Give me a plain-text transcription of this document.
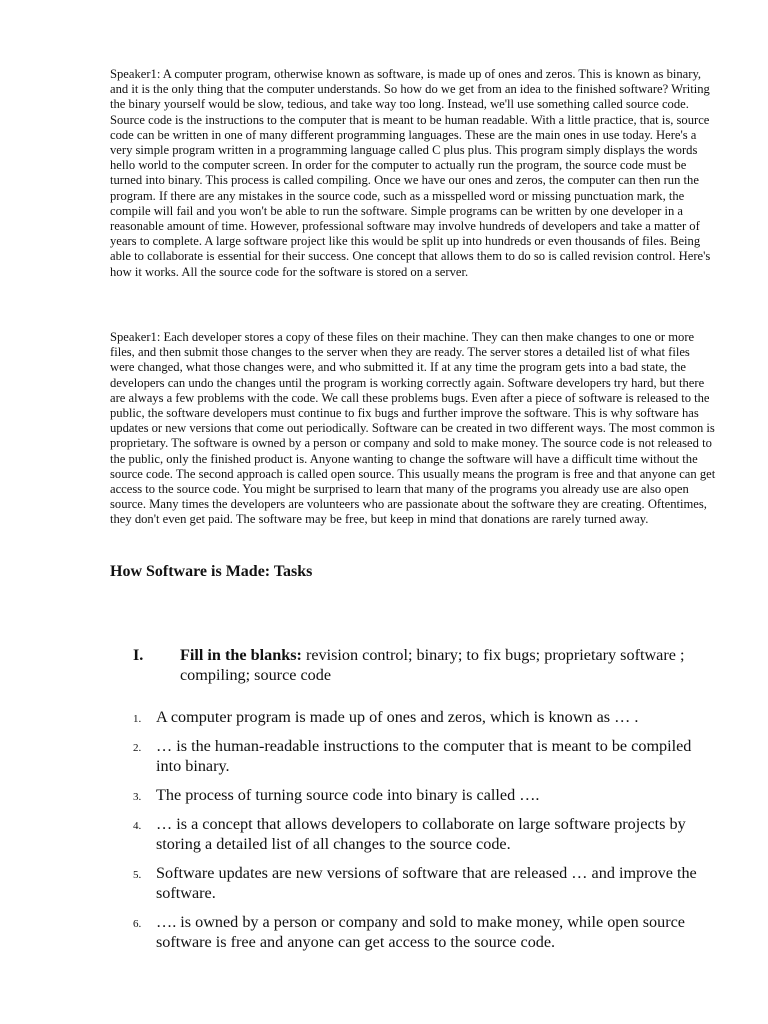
Speaker1: A computer program, otherwise known as software, is made up of ones and zeros. This is known as binary, and it is the only thing that the computer understands. So how do we get from an idea to the finished software? Writing the binary yourself would be slow, tedious, and take way too long. Instead, we'll use something called source code. Source code is the instructions to the computer that is meant to be human readable. With a little practice, that is, source code can be written in one of many different programming languages. These are the main ones in use today. Here's a very simple program written in a programming language called C plus plus. This program simply displays the words hello world to the computer screen. In order for the computer to actually run the program, the source code must be turned into binary. This process is called compiling. Once we have our ones and zeros, the computer can then run the program. If there are any mistakes in the source code, such as a misspelled word or missing punctuation mark, the compile will fail and you won't be able to run the software. Simple programs can be written by one developer in a reasonable amount of time. However, professional software may involve hundreds of developers and take a matter of years to complete. A large software project like this would be split up into hundreds or even thousands of files. Being able to collaborate is essential for their success. One concept that allows them to do so is called revision control. Here's how it works. All the source code for the software is stored on a server.

Speaker1: Each developer stores a copy of these files on their machine. They can then make changes to one or more files, and then submit those changes to the server when they are ready. The server stores a detailed list of what files were changed, what those changes were, and who submitted it. If at any time the program gets into a bad state, the developers can undo the changes until the program is working correctly again. Software developers try hard, but there are always a few problems with the code. We call these problems bugs. Even after a piece of software is released to the public, the software developers must continue to fix bugs and further improve the software. This is why software has updates or new versions that come out periodically. Software can be created in two different ways. The most common is proprietary. The software is owned by a person or company and sold to make money. The source code is not released to the public, only the finished product is. Anyone wanting to change the software will have a difficult time without the source code. The second approach is called open source. This usually means the program is free and that anyone can get access to the source code. You might be surprised to learn that many of the programs you already use are also open source. Many times the developers are volunteers who are passionate about the software they are creating. Oftentimes, they don't even get paid. The software may be free, but keep in mind that donations are rarely turned away.

How Software is Made: Tasks
I. Fill in the blanks: revision control; binary; to fix bugs; proprietary software ; compiling; source code
1. A computer program is made up of ones and zeros, which is known as … .
2. … is the human-readable instructions to the computer that is meant to be compiled into binary.
3. The process of turning source code into binary is called ….
4. … is a concept that allows developers to collaborate on large software projects by storing a detailed list of all changes to the source code.
5. Software updates are new versions of software that are released … and improve the software.
6. …. is owned by a person or company and sold to make money, while open source software is free and anyone can get access to the source code.
